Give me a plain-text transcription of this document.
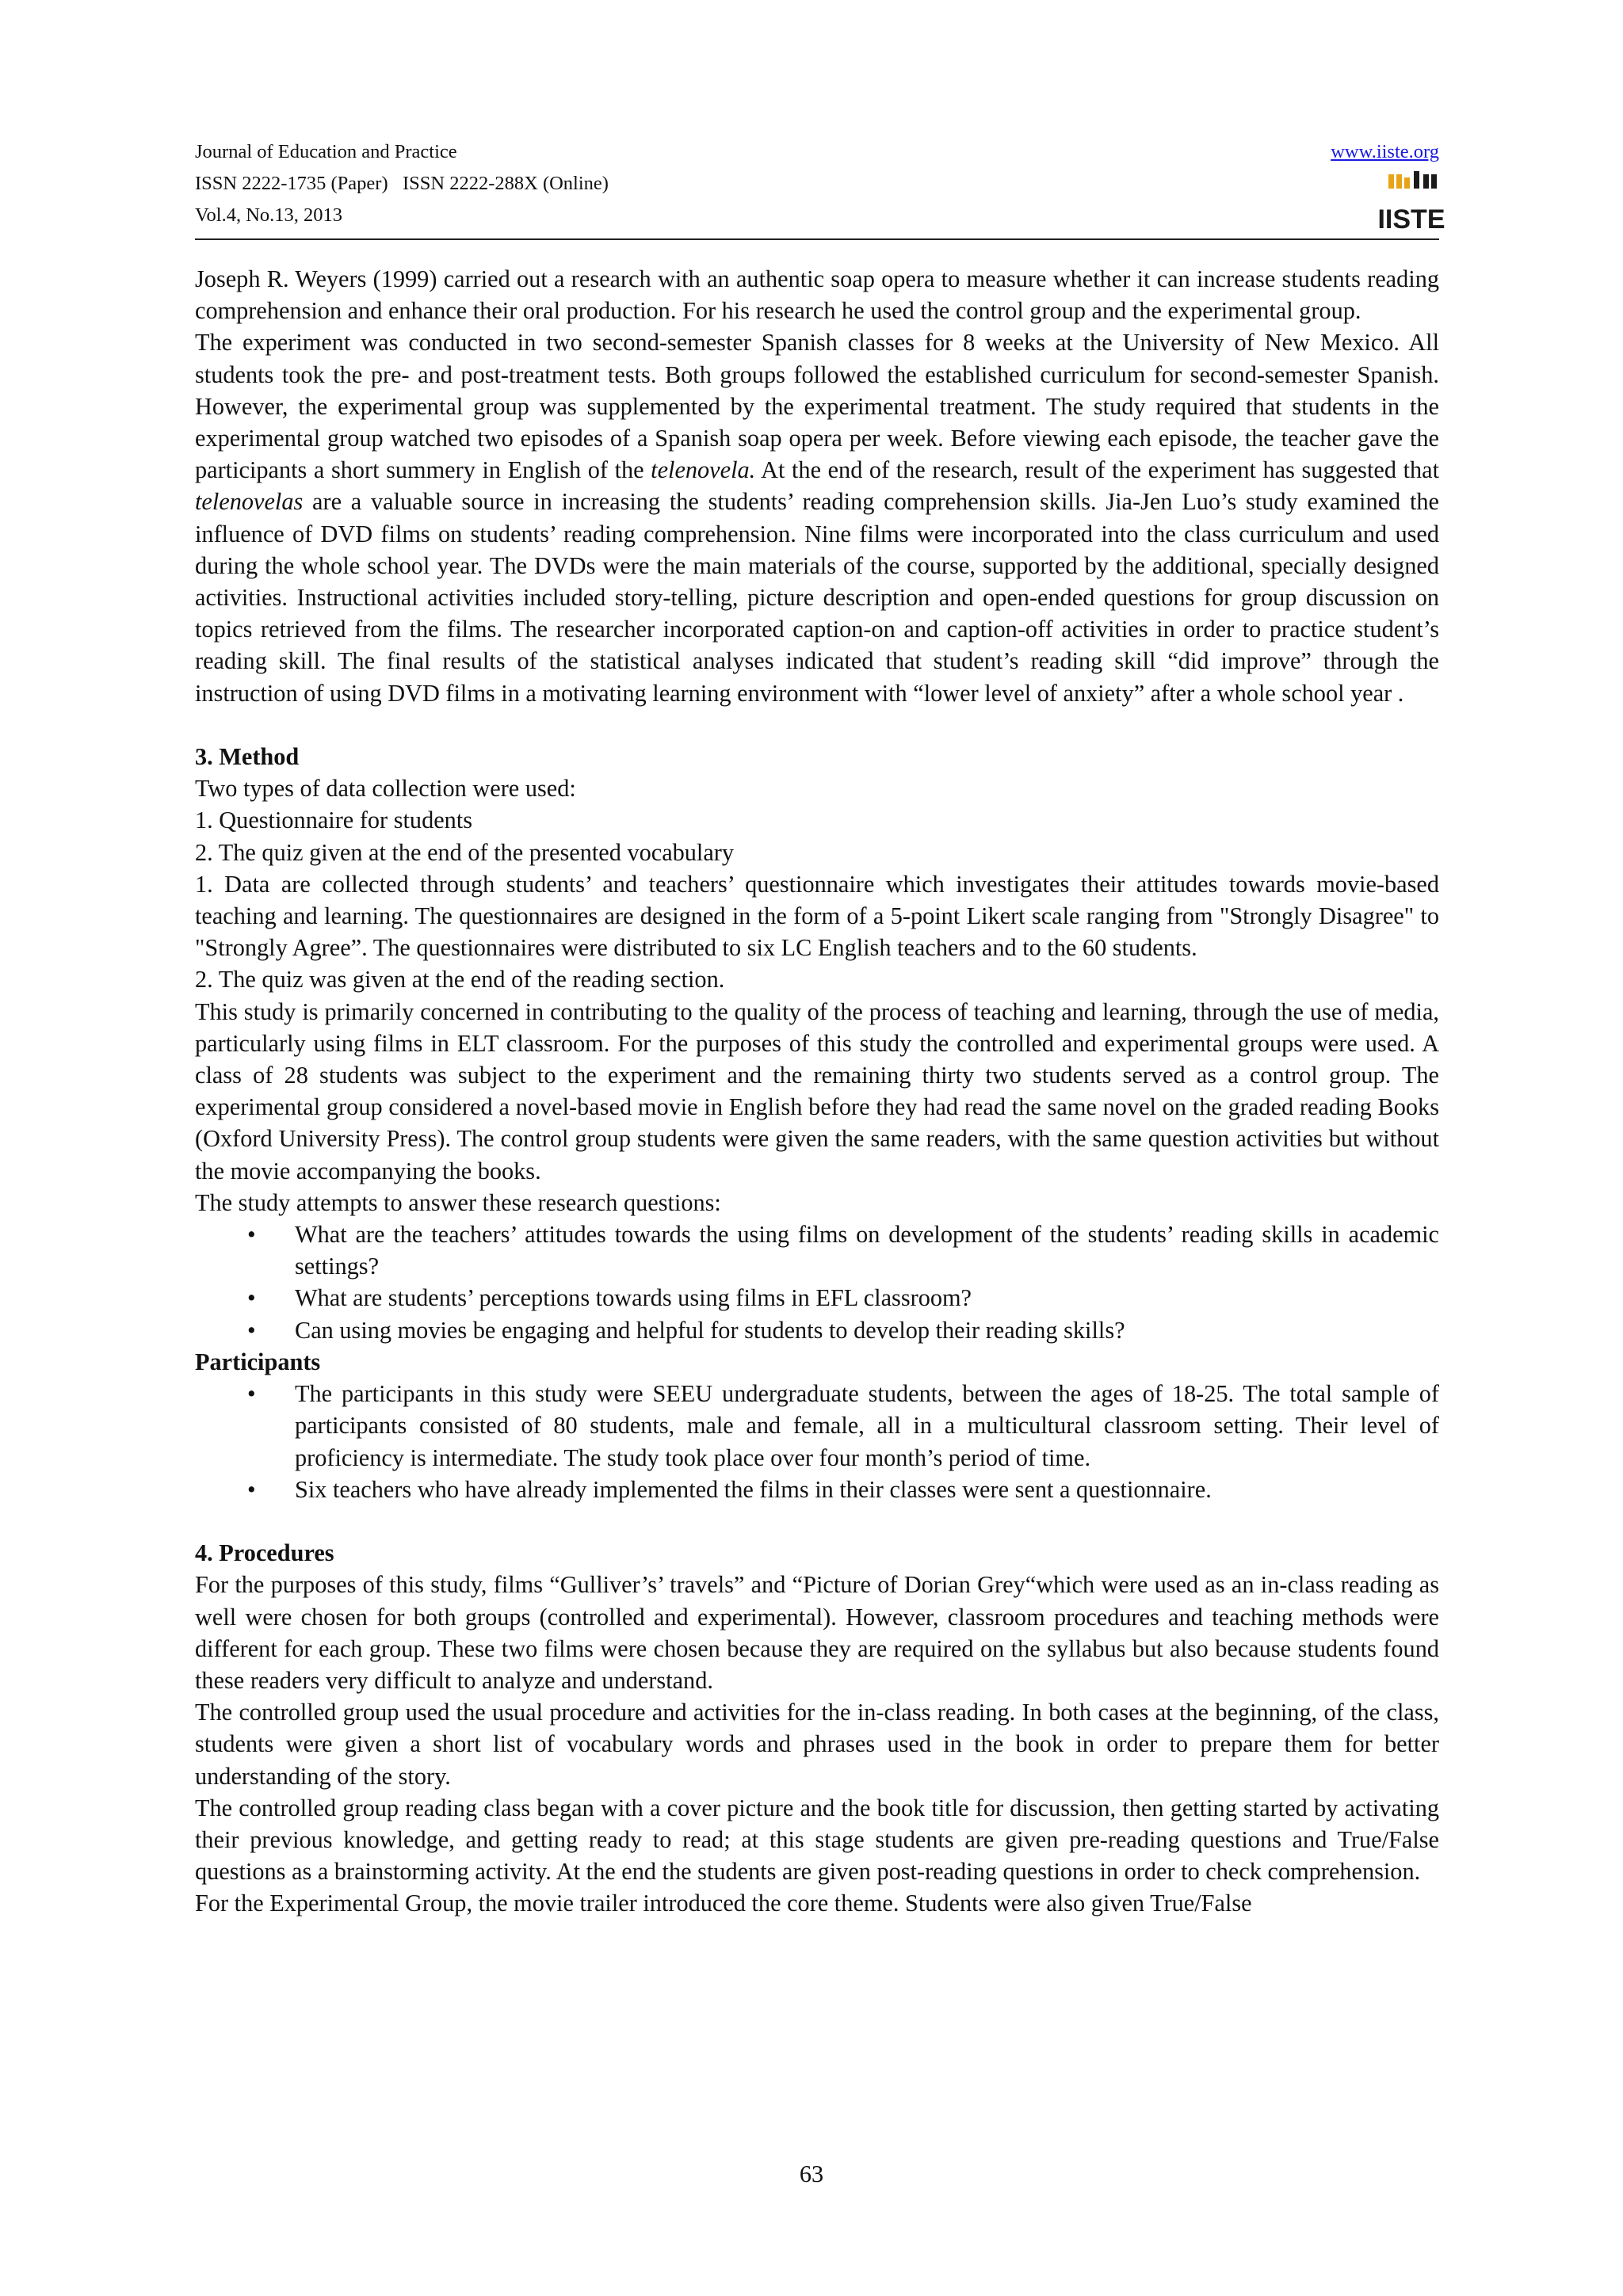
Journal of Education and Practice
ISSN 2222-1735 (Paper)   ISSN 2222-288X (Online)
Vol.4, No.13, 2013
www.iiste.org
IISTE

Joseph R. Weyers (1999) carried out a research with an authentic soap opera to measure whether it can increase students reading comprehension and enhance their oral production. For his research he used the control group and the experimental group.

The experiment was conducted in two second-semester Spanish classes for 8 weeks at the University of New Mexico. All students took the pre- and post-treatment tests. Both groups followed the established curriculum for second-semester Spanish. However, the experimental group was supplemented by the experimental treatment. The study required that students in the experimental group watched two episodes of a Spanish soap opera per week. Before viewing each episode, the teacher gave the participants a short summery in English of the telenovela. At the end of the research, result of the experiment has suggested that telenovelas are a valuable source in increasing the students’ reading comprehension skills. Jia-Jen Luo’s study examined the influence of DVD films on students’ reading comprehension. Nine films were incorporated into the class curriculum and used during the whole school year. The DVDs were the main materials of the course, supported by the additional, specially designed activities. Instructional activities included story-telling, picture description and open-ended questions for group discussion on topics retrieved from the films. The researcher incorporated caption-on and caption-off activities in order to practice student’s reading skill. The final results of the statistical analyses indicated that student’s reading skill “did improve” through the instruction of using DVD films in a motivating learning environment with “lower level of anxiety” after a whole school year .

3. Method

Two types of data collection were used:

1. Questionnaire for students

2. The quiz given at the end of the presented vocabulary

1. Data are collected through students’ and teachers’ questionnaire which investigates their attitudes towards movie-based teaching and learning. The questionnaires are designed in the form of a 5-point Likert scale ranging from "Strongly Disagree" to "Strongly Agree”. The questionnaires were distributed to six LC English teachers and to the 60 students.

2. The quiz was given at the end of the reading section.

This study is primarily concerned in contributing to the quality of the process of teaching and learning, through the use of media, particularly using films in ELT classroom. For the purposes of this study the controlled and experimental groups were used. A class of 28 students was subject to the experiment and the remaining thirty two students served as a control group. The experimental group considered a novel-based movie in English before they had read the same novel on the graded reading Books (Oxford University Press). The control group students were given the same readers, with the same question activities but without the movie accompanying the books.

The study attempts to answer these research questions:

• What are the teachers’ attitudes towards the using films on development of the students’ reading skills in academic settings?
• What are students’ perceptions towards using films in EFL classroom?
• Can using movies be engaging and helpful for students to develop their reading skills?
Participants
• The participants in this study were SEEU undergraduate students, between the ages of 18-25. The total sample of participants consisted of 80 students, male and female, all in a multicultural classroom setting. Their level of proficiency is intermediate. The study took place over four month’s period of time.
• Six teachers who have already implemented the films in their classes were sent a questionnaire.
4. Procedures

For the purposes of this study, films “Gulliver’s’ travels” and “Picture of Dorian Grey“which were used as an in-class reading as well were chosen for both groups (controlled and experimental). However, classroom procedures and teaching methods were different for each group. These two films were chosen because they are required on the syllabus but also because students found these readers very difficult to analyze and understand.

The controlled group used the usual procedure and activities for the in-class reading. In both cases at the beginning, of the class, students were given a short list of vocabulary words and phrases used in the book in order to prepare them for better understanding of the story.

The controlled group reading class began with a cover picture and the book title for discussion, then getting started by activating their previous knowledge, and getting ready to read; at this stage students are given pre-reading questions and True/False questions as a brainstorming activity. At the end the students are given post-reading questions in order to check comprehension.

For the Experimental Group, the movie trailer introduced the core theme. Students were also given True/False

63
